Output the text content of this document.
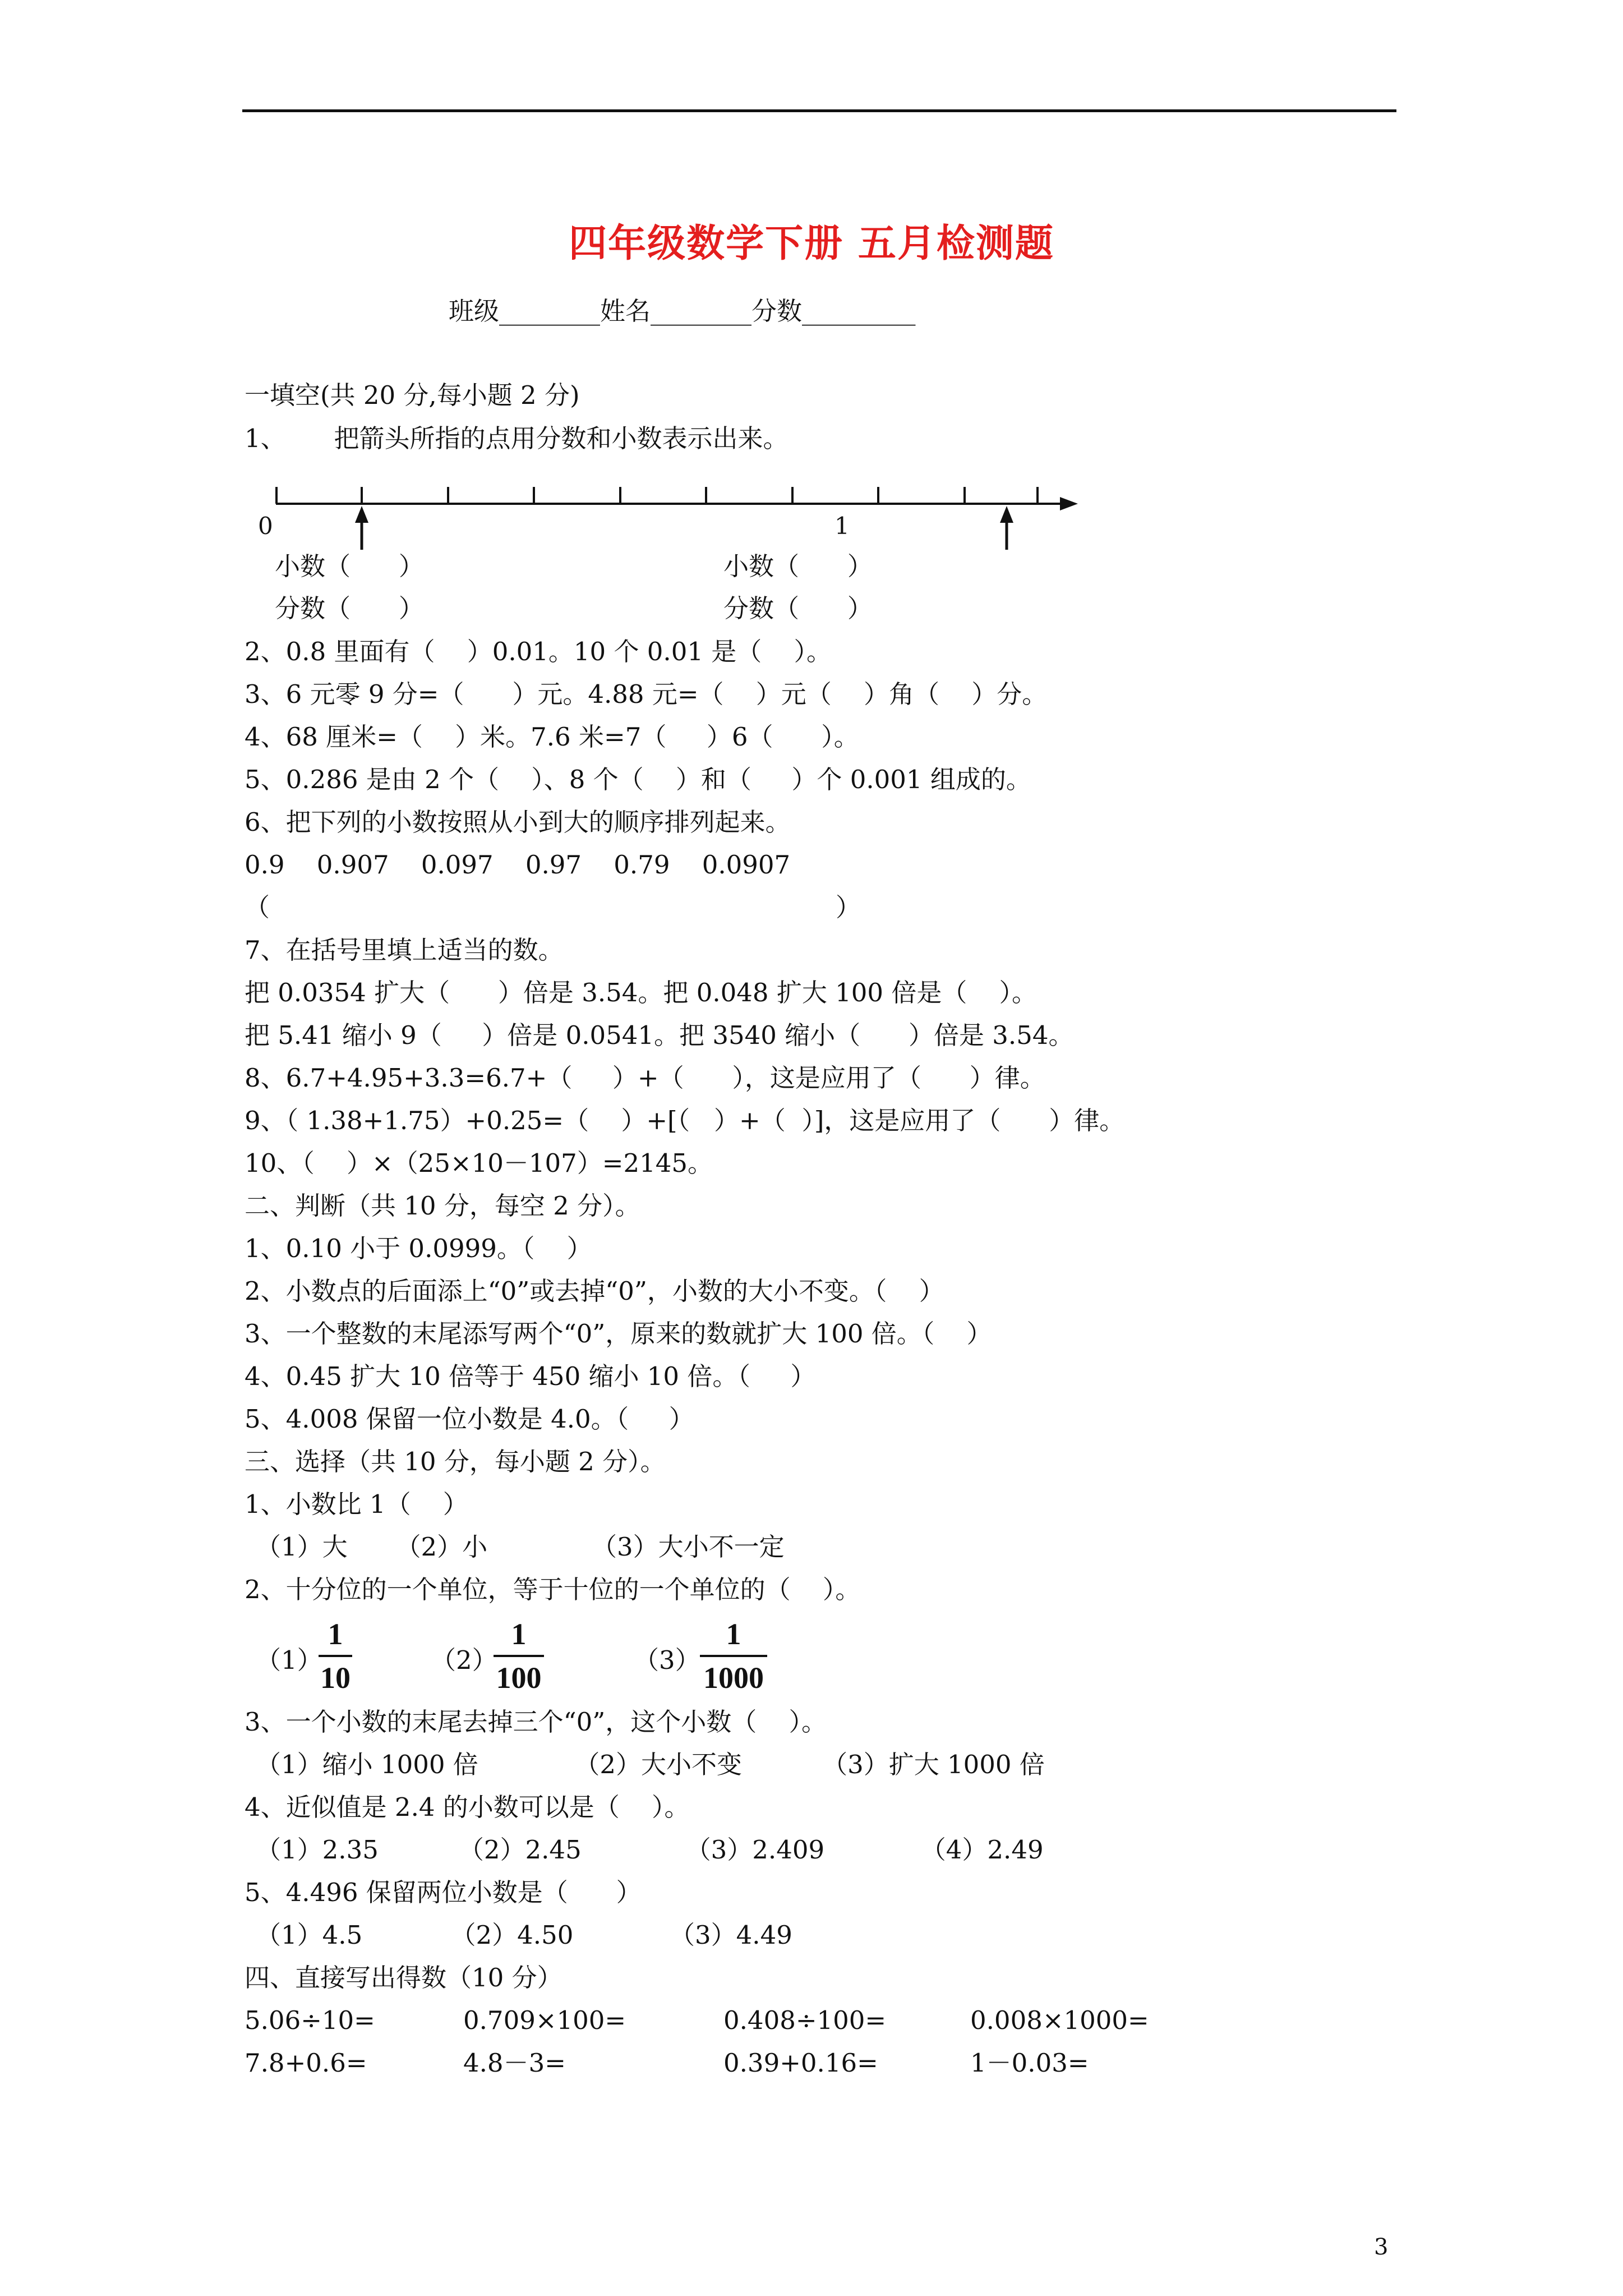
四年级数学下册 五月检测题
班级________姓名________分数_________
一填空(共 20 分,每小题 2 分)
1、      把箭头所指的点用分数和小数表示出来。
0	1
小数（      ）	小数（      ）
分数（      ）	分数（      ）
2、0.8 里面有（    ）0.01。10 个 0.01 是（    ）。
3、6 元零 9 分=（      ）元。4.88 元=（    ）元（    ）角（    ）分。
4、68 厘米=（    ）米。7.6 米=7（     ）6（      ）。
5、0.286 是由 2 个（    ）、8 个（    ）和（     ）个 0.001 组成的。
6、把下列的小数按照从小到大的顺序排列起来。
0.9    0.907    0.097    0.97    0.79    0.0907
（	）
7、在括号里填上适当的数。
把 0.0354 扩大（      ）倍是 3.54。把 0.048 扩大 100 倍是（    ）。
把 5.41 缩小 9（     ）倍是 0.0541。把 3540 缩小（      ）倍是 3.54。
8、6.7+4.95+3.3=6.7+（     ）+（      ），这是应用了（      ）律。
9、（ 1.38+1.75）+0.25=（    ）+[（   ）+（  ）]，这是应用了（      ）律。
10、（    ）×（25×10－107）=2145。
二、判断（共 10 分，每空 2 分）。
1、0.10 小于 0.0999。（    ）
2、小数点的后面添上“0”或去掉“0”，小数的大小不变。（    ）
3、一个整数的末尾添写两个“0”，原来的数就扩大 100 倍。（    ）
4、0.45 扩大 10 倍等于 450 缩小 10 倍。（     ）
5、4.008 保留一位小数是 4.0。（     ）
三、选择（共 10 分，每小题 2 分）。
1、小数比 1（    ）
（1）大      （2）小             （3）大小不一定
2、十分位的一个单位，等于十位的一个单位的（    ）。
（1）
1
10
（2）
1
100
（3）
1
1000
3、一个小数的末尾去掉三个“0”，这个小数（    ）。
（1）缩小 1000 倍            （2）大小不变          （3）扩大 1000 倍
4、近似值是 2.4 的小数可以是（    ）。
（1）2.35          （2）2.45             （3）2.409            （4）2.49
5、4.496 保留两位小数是（      ）
（1）4.5           （2）4.50            （3）4.49
四、直接写出得数（10 分）
5.06÷10=	0.709×100=	0.408÷100=	0.008×1000=
7.8+0.6=	4.8－3=	0.39+0.16=	1－0.03=
3
